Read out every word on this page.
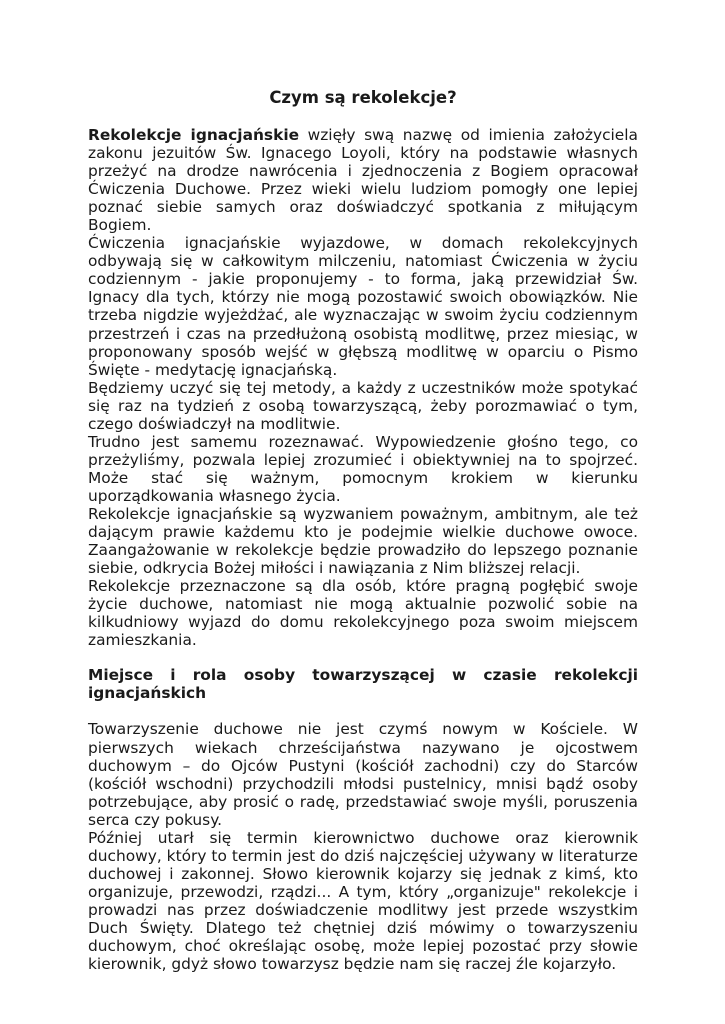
Czym są rekolekcje?

Rekolekcje ignacjańskie wzięły swą nazwę od imienia założyciela zakonu jezuitów Św. Ignacego Loyoli, który na podstawie własnych przeżyć na drodze nawrócenia i zjednoczenia z Bogiem opracował Ćwiczenia Duchowe. Przez wieki wielu ludziom pomogły one lepiej poznać siebie samych oraz doświadczyć spotkania z miłującym Bogiem.

Ćwiczenia ignacjańskie wyjazdowe, w domach rekolekcyjnych odbywają się w całkowitym milczeniu, natomiast Ćwiczenia w życiu codziennym - jakie proponujemy - to forma, jaką przewidział Św. Ignacy dla tych, którzy nie mogą pozostawić swoich obowiązków. Nie trzeba nigdzie wyjeżdżać, ale wyznaczając w swoim życiu codziennym przestrzeń i czas na przedłużoną osobistą modlitwę, przez miesiąc, w proponowany sposób wejść w głębszą modlitwę w oparciu o Pismo Święte - medytację ignacjańską.

Będziemy uczyć się tej metody, a każdy z uczestników może spotykać się raz na tydzień z osobą towarzyszącą, żeby porozmawiać o tym, czego doświadczył na modlitwie.

Trudno jest samemu rozeznawać. Wypowiedzenie głośno tego, co przeżyliśmy, pozwala lepiej zrozumieć i obiektywniej na to spojrzeć. Może stać się ważnym, pomocnym krokiem w kierunku uporządkowania własnego życia.

Rekolekcje ignacjańskie są wyzwaniem poważnym, ambitnym, ale też dającym prawie każdemu kto je podejmie wielkie duchowe owoce. Zaangażowanie w rekolekcje będzie prowadziło do lepszego poznanie siebie, odkrycia Bożej miłości i nawiązania z Nim bliższej relacji.

Rekolekcje przeznaczone są dla osób, które pragną pogłębić swoje życie duchowe, natomiast nie mogą aktualnie pozwolić sobie na kilkudniowy wyjazd do domu rekolekcyjnego poza swoim miejscem zamieszkania.

Miejsce i rola osoby towarzyszącej w czasie rekolekcji ignacjańskich

Towarzyszenie duchowe nie jest czymś nowym w Kościele. W pierwszych wiekach chrześcijaństwa nazywano je ojcostwem duchowym – do Ojców Pustyni (kościół zachodni) czy do Starców (kościół wschodni) przychodzili młodsi pustelnicy, mnisi bądź osoby potrzebujące, aby prosić o radę, przedstawiać swoje myśli, poruszenia serca czy pokusy.

Później utarł się termin kierownictwo duchowe oraz kierownik duchowy, który to termin jest do dziś najczęściej używany w literaturze duchowej i zakonnej. Słowo kierownik kojarzy się jednak z kimś, kto organizuje, przewodzi, rządzi... A tym, który „organizuje" rekolekcje i prowadzi nas przez doświadczenie modlitwy jest przede wszystkim Duch Święty. Dlatego też chętniej dziś mówimy o towarzyszeniu duchowym, choć określając osobę, może lepiej pozostać przy słowie kierownik, gdyż słowo towarzysz będzie nam się raczej źle kojarzyło.
